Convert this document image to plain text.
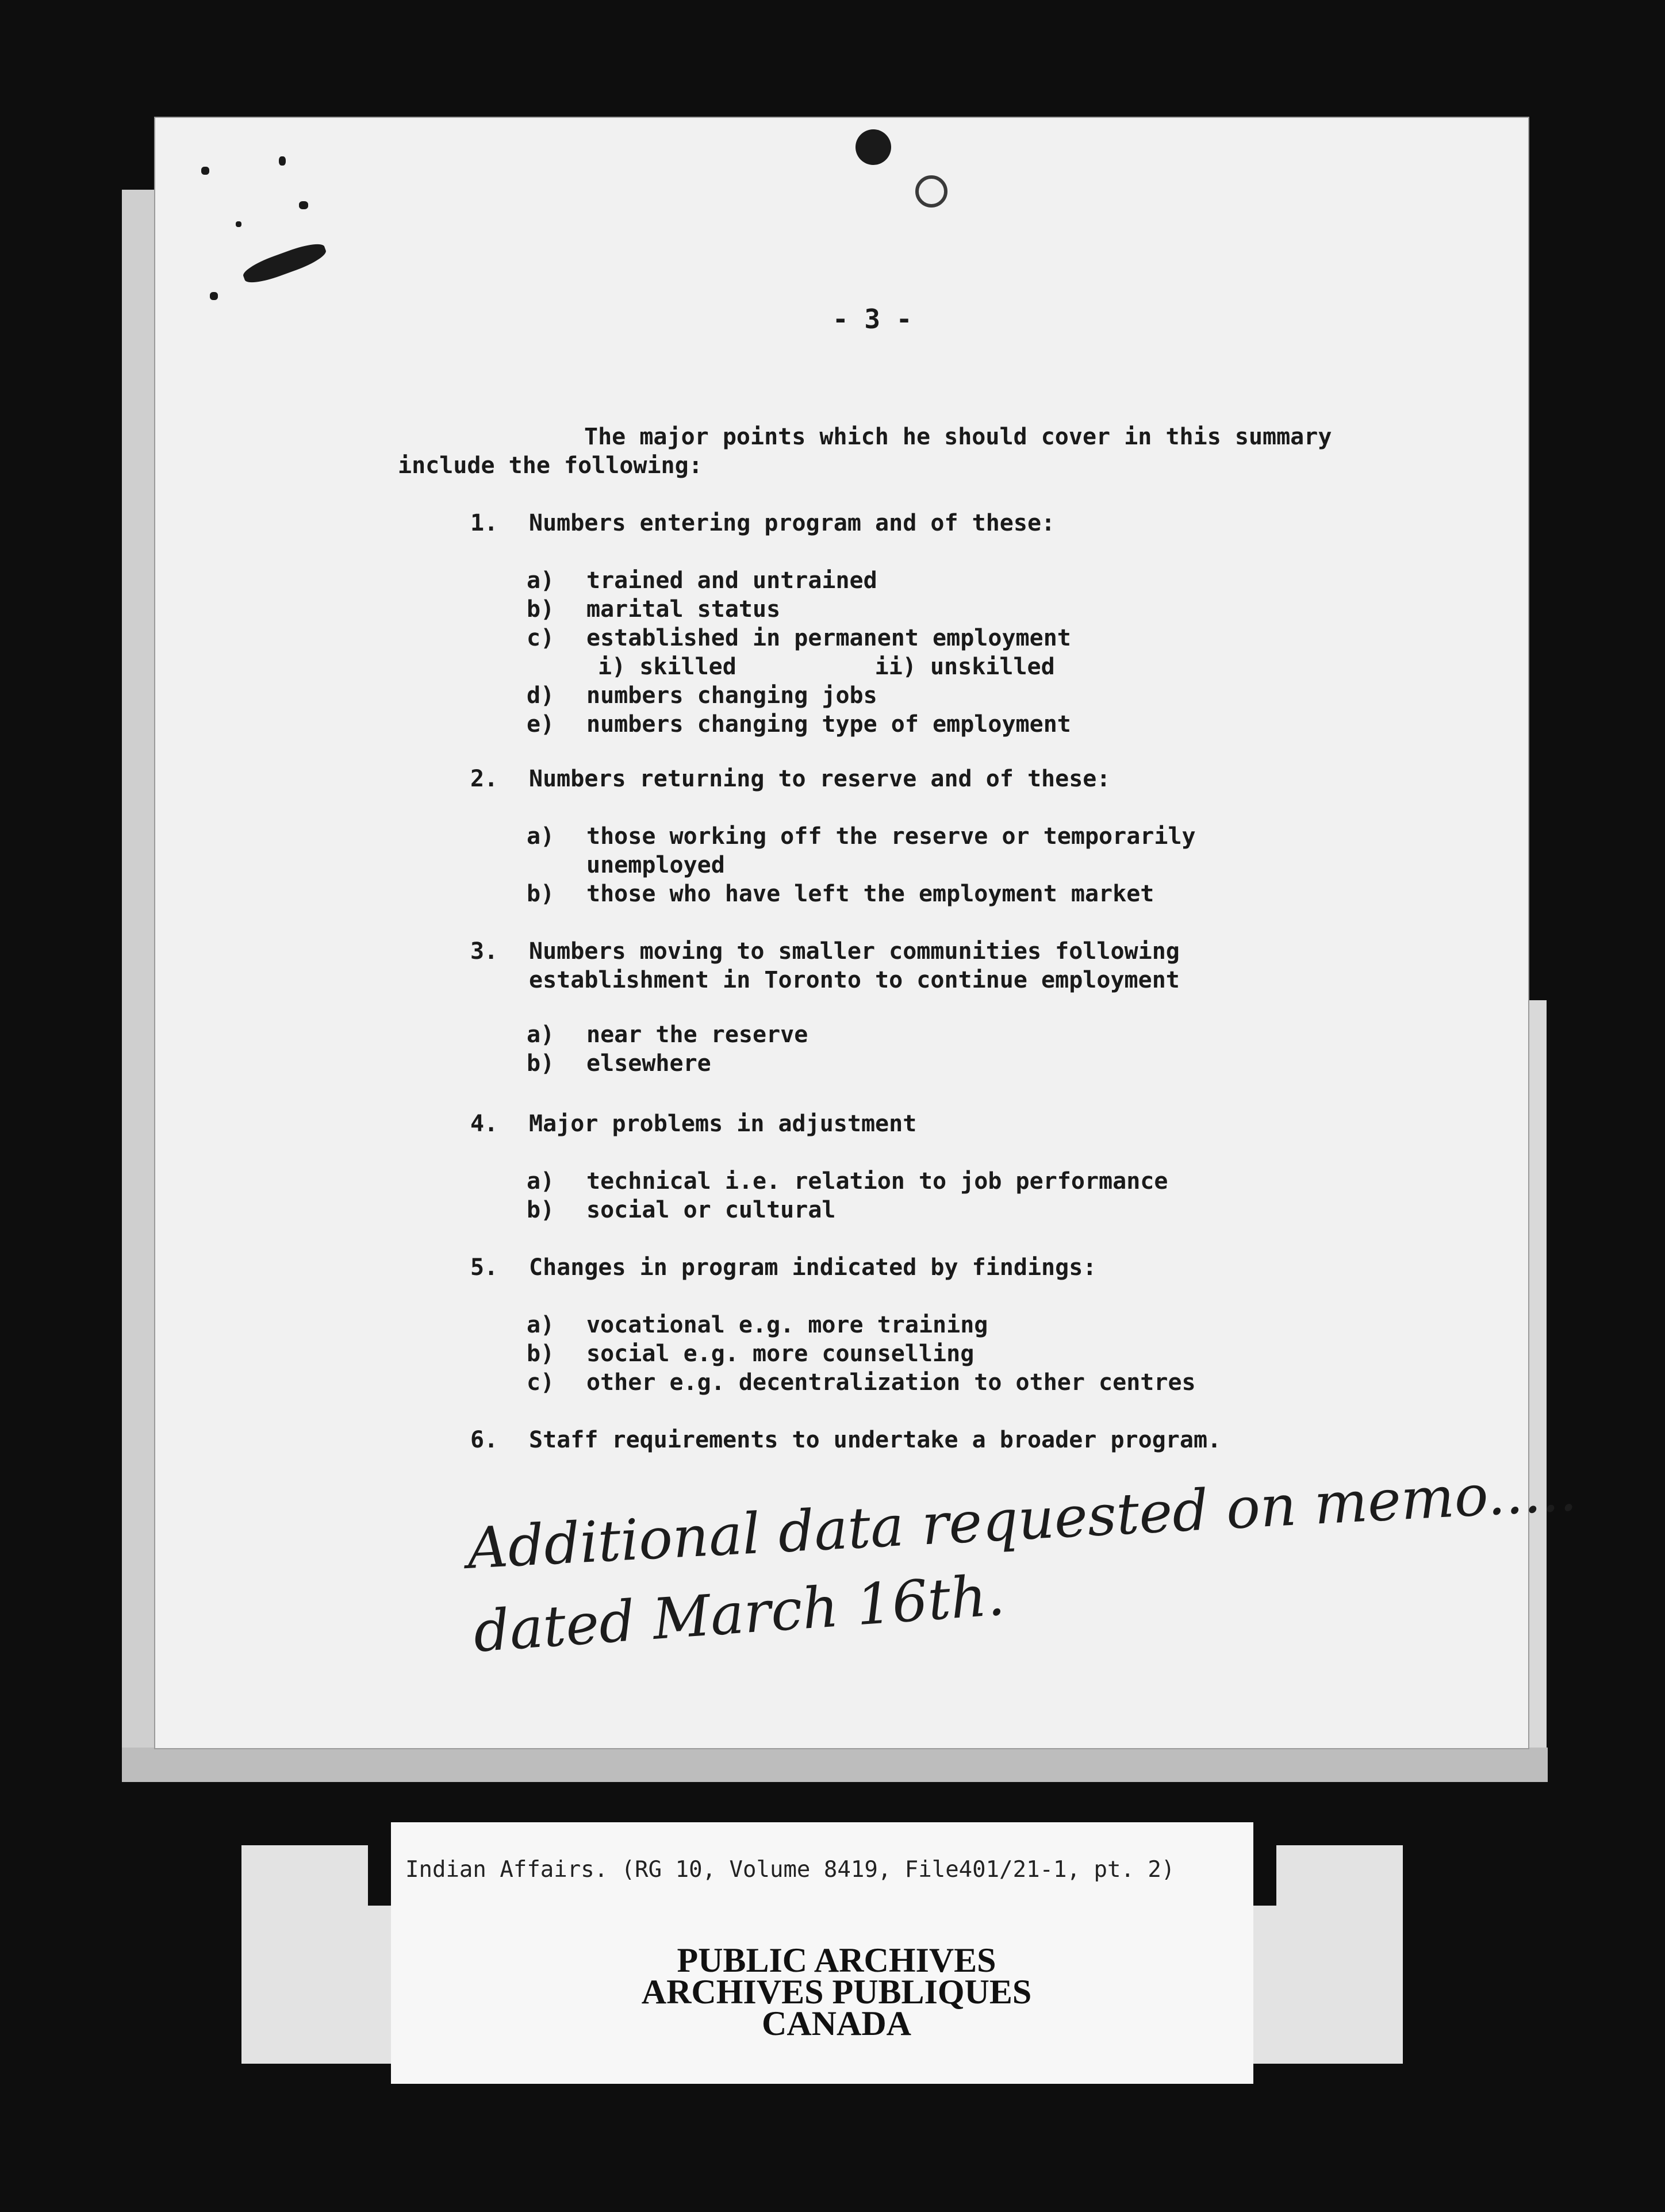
- 3 -
The major points which he should cover in this summary
include the following:
1. Numbers entering program and of these:
a) trained and untrained
b) marital status
c) established in permanent employment
i) skilled          ii) unskilled
d) numbers changing jobs
e) numbers changing type of employment
2. Numbers returning to reserve and of these:
a) those working off the reserve or temporarily
unemployed
b) those who have left the employment market
3. Numbers moving to smaller communities following
establishment in Toronto to continue employment
a) near the reserve
b) elsewhere
4. Major problems in adjustment
a) technical i.e. relation to job performance
b) social or cultural
5. Changes in program indicated by findings:
a) vocational e.g. more training
b) social e.g. more counselling
c) other e.g. decentralization to other centres
6. Staff requirements to undertake a broader program.
Additional data requested on memo.....
dated March 16th.
Indian Affairs. (RG 10, Volume 8419, File401/21-1, pt. 2)
PUBLIC ARCHIVES
ARCHIVES PUBLIQUES
CANADA
